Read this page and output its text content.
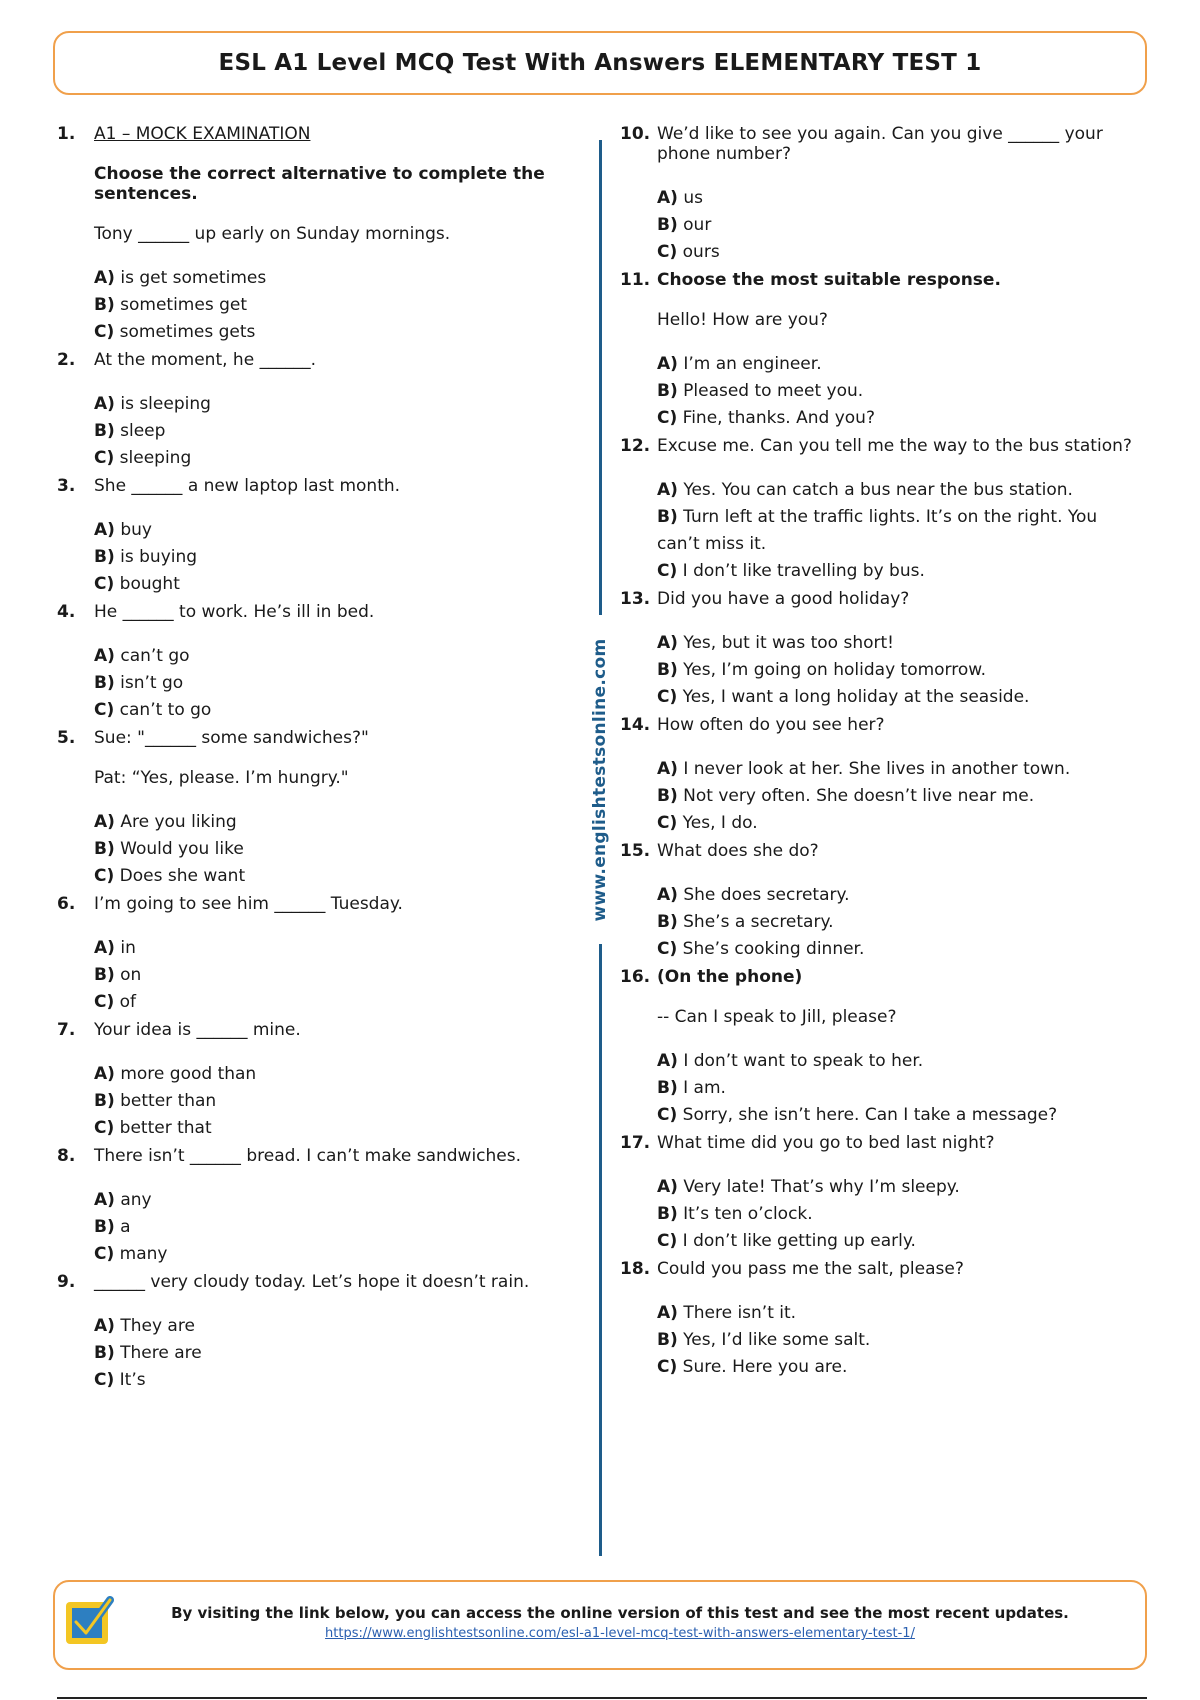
ESL A1 Level MCQ Test With Answers ELEMENTARY TEST 1
1.	A1 – MOCK EXAMINATION
Choose the correct alternative to complete the sentences.
Tony ______ up early on Sunday mornings.
A) is get sometimes
B) sometimes get
C) sometimes gets
2.	At the moment, he ______.
A) is sleeping
B) sleep
C) sleeping
3.	She ______ a new laptop last month.
A) buy
B) is buying
C) bought
4.	He ______ to work. He’s ill in bed.
A) can’t go
B) isn’t go
C) can’t to go
5.	Sue: "______ some sandwiches?"
Pat: “Yes, please. I’m hungry."
A) Are you liking
B) Would you like
C) Does she want
6.	I’m going to see him ______ Tuesday.
A) in
B) on
C) of
7.	Your idea is ______ mine.
A) more good than
B) better than
C) better that
8.	There isn’t ______ bread. I can’t make sandwiches.
A) any
B) a
C) many
9.	______ very cloudy today. Let’s hope it doesn’t rain.
A) They are
B) There are
C) It’s
www.englishtestsonline.com
10. We’d like to see you again. Can you give ______ your phone number?
A) us
B) our
C) ours
11. Choose the most suitable response.
Hello! How are you?
A) I’m an engineer.
B) Pleased to meet you.
C) Fine, thanks. And you?
12. Excuse me. Can you tell me the way to the bus station?
A) Yes. You can catch a bus near the bus station.
B) Turn left at the traffic lights. It’s on the right. You can’t miss it.
C) I don’t like travelling by bus.
13. Did you have a good holiday?
A) Yes, but it was too short!
B) Yes, I’m going on holiday tomorrow.
C) Yes, I want a long holiday at the seaside.
14. How often do you see her?
A) I never look at her. She lives in another town.
B) Not very often. She doesn’t live near me.
C) Yes, I do.
15. What does she do?
A) She does secretary.
B) She’s a secretary.
C) She’s cooking dinner.
16. (On the phone)
-- Can I speak to Jill, please?
A) I don’t want to speak to her.
B) I am.
C) Sorry, she isn’t here. Can I take a message?
17. What time did you go to bed last night?
A) Very late! That’s why I’m sleepy.
B) It’s ten o’clock.
C) I don’t like getting up early.
18. Could you pass me the salt, please?
A) There isn’t it.
B) Yes, I’d like some salt.
C) Sure. Here you are.
By visiting the link below, you can access the online version of this test and see the most recent updates.
https://www.englishtestsonline.com/esl-a1-level-mcq-test-with-answers-elementary-test-1/
